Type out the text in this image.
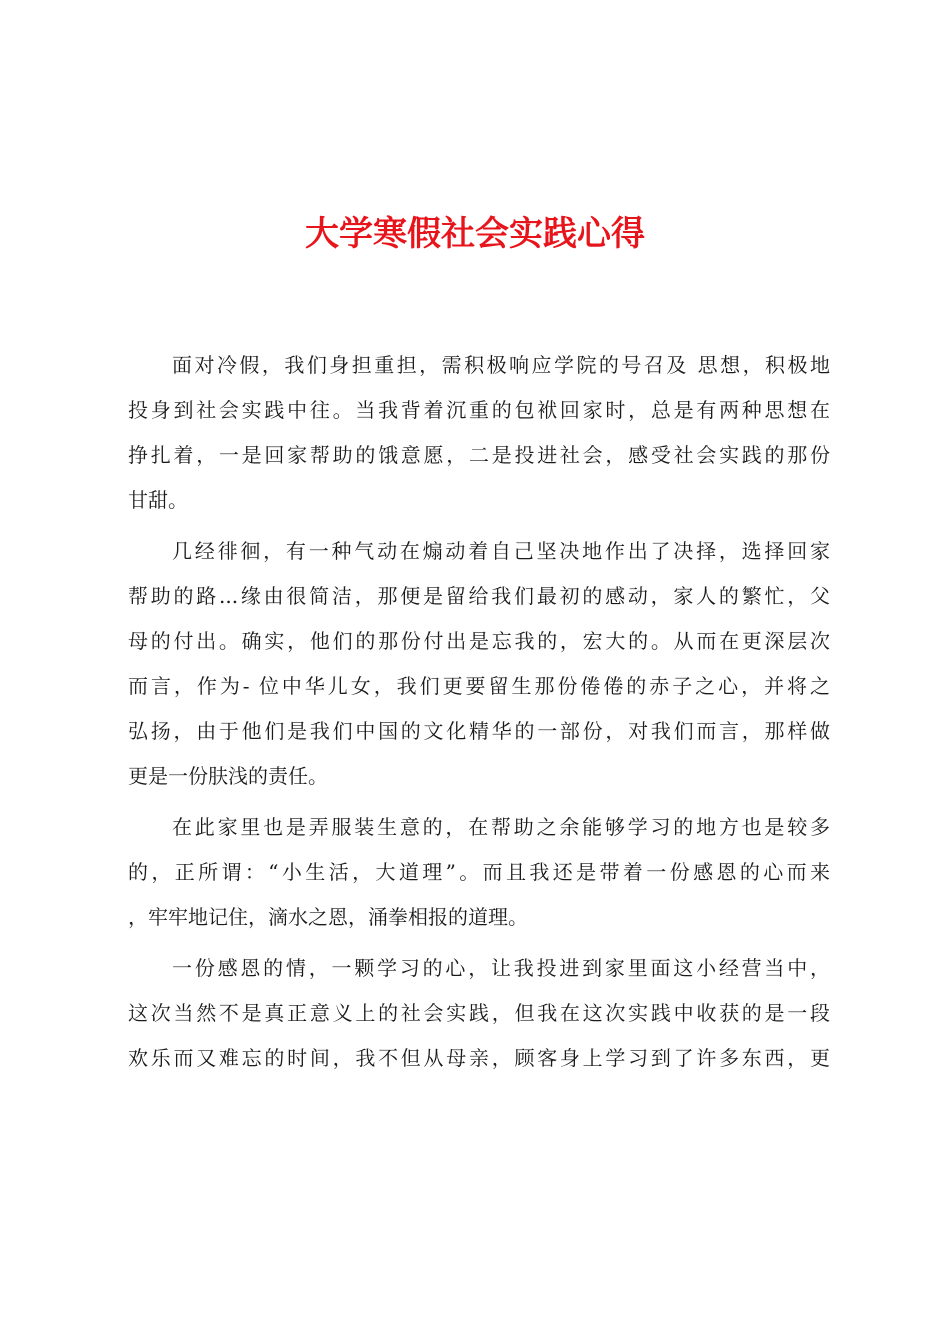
大学寒假社会实践心得

面对冷假，我们身担重担，需积极响应学院的号召及 思想，积极地
投身到社会实践中往。当我背着沉重的包袱回家时，总是有两种思想在
挣扎着，一是回家帮助的饿意愿，二是投进社会，感受社会实践的那份
甘甜。

几经徘徊，有一种气动在煽动着自己坚决地作出了决择，选择回家
帮助的路...缘由很简洁，那便是留给我们最初的感动，家人的繁忙，父
母的付出。确实，他们的那份付出是忘我的，宏大的。从而在更深层次
而言，作为- 位中华儿女，我们更要留生那份倦倦的赤子之心，并将之
弘扬，由于他们是我们中国的文化精华的一部份，对我们而言，那样做
更是一份肤浅的责任。

在此家里也是弄服装生意的，在帮助之余能够学习的地方也是较多
的，正所谓：“小生活，大道理”。而且我还是带着一份感恩的心而来
，牢牢地记住，滴水之恩，涌拳相报的道理。

一份感恩的情，一颗学习的心，让我投进到家里面这小经营当中，
这次当然不是真正意义上的社会实践，但我在这次实践中收获的是一段
欢乐而又难忘的时间，我不但从母亲，顾客身上学习到了许多东西，更
